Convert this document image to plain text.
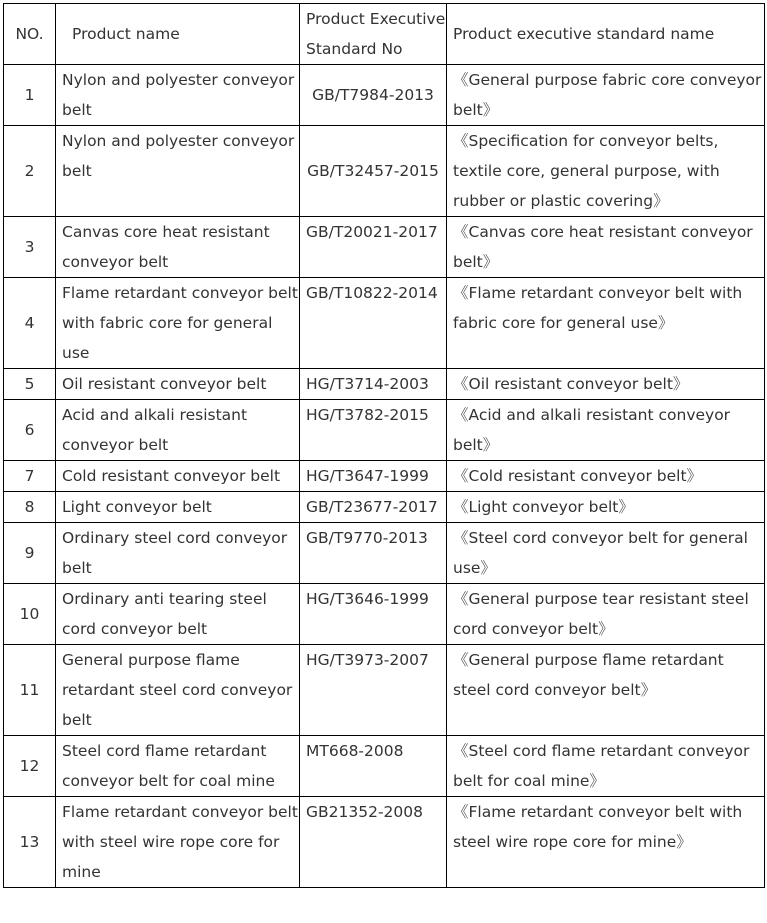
NO.	Product name	Product Executive Standard No	Product executive standard name
1	Nylon and polyester conveyor belt	GB/T7984-2013	《General purpose fabric core conveyor belt》
2	Nylon and polyester conveyor belt	GB/T32457-2015	《Specification for conveyor belts, textile core, general purpose, with rubber or plastic covering》
3	Canvas core heat resistant conveyor belt	GB/T20021-2017	《Canvas core heat resistant conveyor belt》
4	Flame retardant conveyor belt with fabric core for general use	GB/T10822-2014	《Flame retardant conveyor belt with fabric core for general use》
5	Oil resistant conveyor belt	HG/T3714-2003	《Oil resistant conveyor belt》
6	Acid and alkali resistant conveyor belt	HG/T3782-2015	《Acid and alkali resistant conveyor belt》
7	Cold resistant conveyor belt	HG/T3647-1999	《Cold resistant conveyor belt》
8	Light conveyor belt	GB/T23677-2017	《Light conveyor belt》
9	Ordinary steel cord conveyor belt	GB/T9770-2013	《Steel cord conveyor belt for general use》
10	Ordinary anti tearing steel cord conveyor belt	HG/T3646-1999	《General purpose tear resistant steel cord conveyor belt》
11	General purpose flame retardant steel cord conveyor belt	HG/T3973-2007	《General purpose flame retardant steel cord conveyor belt》
12	Steel cord flame retardant conveyor belt for coal mine	MT668-2008	《Steel cord flame retardant conveyor belt for coal mine》
13	Flame retardant conveyor belt with steel wire rope core for mine	GB21352-2008	《Flame retardant conveyor belt with steel wire rope core for mine》
